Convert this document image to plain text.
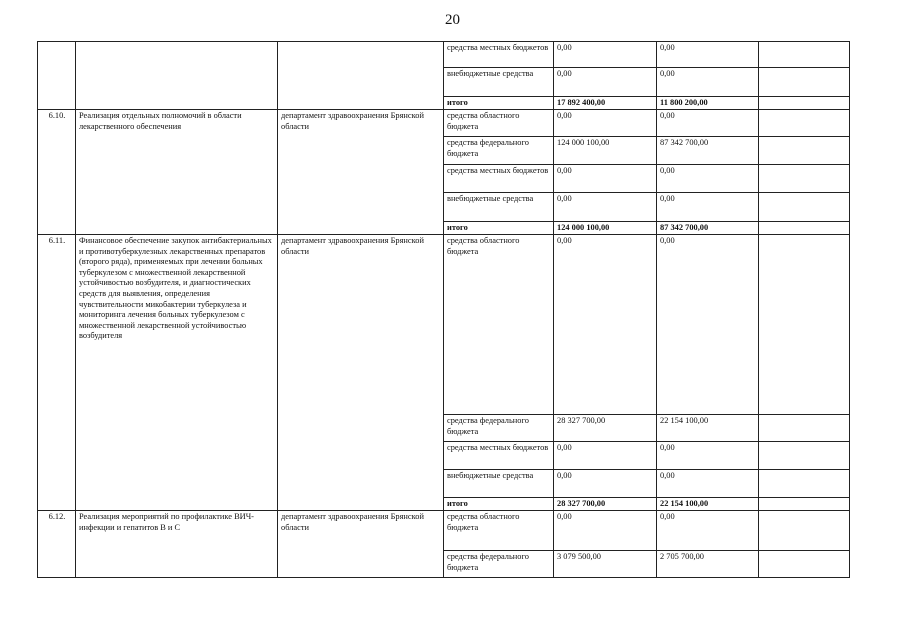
20
			средства местных бюджетов	0,00	0,00	
			внебюджетные средства	0,00	0,00	
			итого	17 892 400,00	11 800 200,00	
6.10.	Реализация отдельных полномочий в области лекарственного обеспечения	департамент здравоохранения Брянской области	средства областного бюджета	0,00	0,00	
			средства федерального бюджета	124 000 100,00	87 342 700,00	
			средства местных бюджетов	0,00	0,00	
			внебюджетные средства	0,00	0,00	
			итого	124 000 100,00	87 342 700,00	
6.11.	Финансовое обеспечение закупок антибактериальных и противотуберкулезных лекарственных препаратов (второго ряда), применяемых при лечении больных туберкулезом с множественной лекарственной устойчивостью возбудителя, и диагностических средств для выявления, определения чувствительности микобактерии туберкулеза и мониторинга лечения больных туберкулезом с множественной лекарственной устойчивостью возбудителя	департамент здравоохранения Брянской области	средства областного бюджета	0,00	0,00	
			средства федерального бюджета	28 327 700,00	22 154 100,00	
			средства местных бюджетов	0,00	0,00	
			внебюджетные средства	0,00	0,00	
			итого	28 327 700,00	22 154 100,00	
6.12.	Реализация мероприятий по профилактике ВИЧ-инфекции и гепатитов В и С	департамент здравоохранения Брянской области	средства областного бюджета	0,00	0,00	
			средства федерального бюджета	3 079 500,00	2 705 700,00	
